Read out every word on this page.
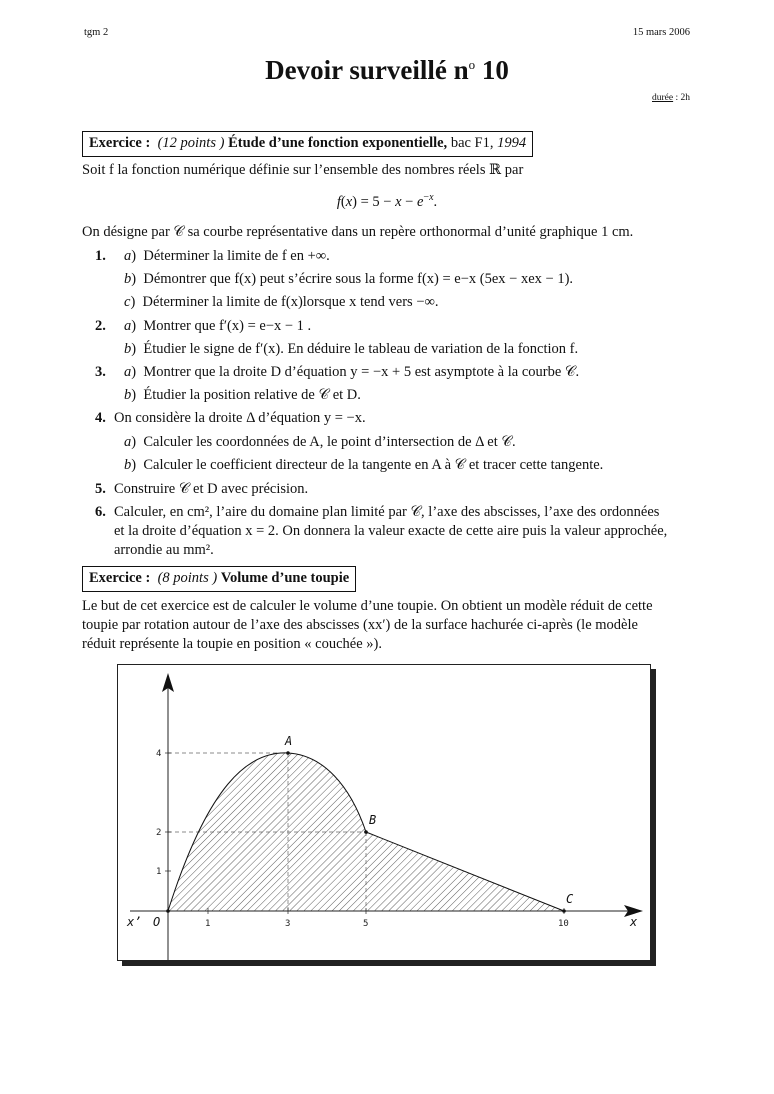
tgm 2	15 mars 2006
Devoir surveillé $n^o$ 10
durée : 2h
Exercice : (12 points ) Étude d’une fonction exponentielle, bac F1, 1994
Soit f la fonction numérique définie sur l’ensemble des nombres réels ℝ par
$f(x) = 5 - x - e^{-x}$.
On désigne par 𝒞 sa courbe représentative dans un repère orthonormal d’unité graphique 1 cm.
1. a)  Déterminer la limite de f en +∞.
b)  Démontrer que f(x) peut s’écrire sous la forme f(x) = e−x (5ex − xex − 1).
c)  Déterminer la limite de f(x)lorsque x tend vers −∞.
2. a)  Montrer que f′(x) = e−x − 1 .
b)  Étudier le signe de f′(x). En déduire le tableau de variation de la fonction f.
3. a)  Montrer que la droite D d’équation y = −x + 5 est asymptote à la courbe 𝒞.
b)  Étudier la position relative de 𝒞 et D.
4. On considère la droite Δ d’équation y = −x.
a)  Calculer les coordonnées de A, le point d’intersection de Δ et 𝒞.
b)  Calculer le coefficient directeur de la tangente en A à 𝒞 et tracer cette tangente.
5. Construire 𝒞 et D avec précision.
6. Calculer, en cm², l’aire du domaine plan limité par 𝒞, l’axe des abscisses, l’axe des ordonnées
et la droite d’équation x = 2. On donnera la valeur exacte de cette aire puis la valeur approchée,
arrondie au mm².
Exercice : (8 points ) Volume d’une toupie
Le but de cet exercice est de calculer le volume d’une toupie. On obtient un modèle réduit de cette
toupie par rotation autour de l’axe des abscisses (xx′) de la surface hachurée ci-après (le modèle
réduit représente la toupie en position « couchée »).
1	3	5	10
1
2
4
A
B
C
O
x’	x
